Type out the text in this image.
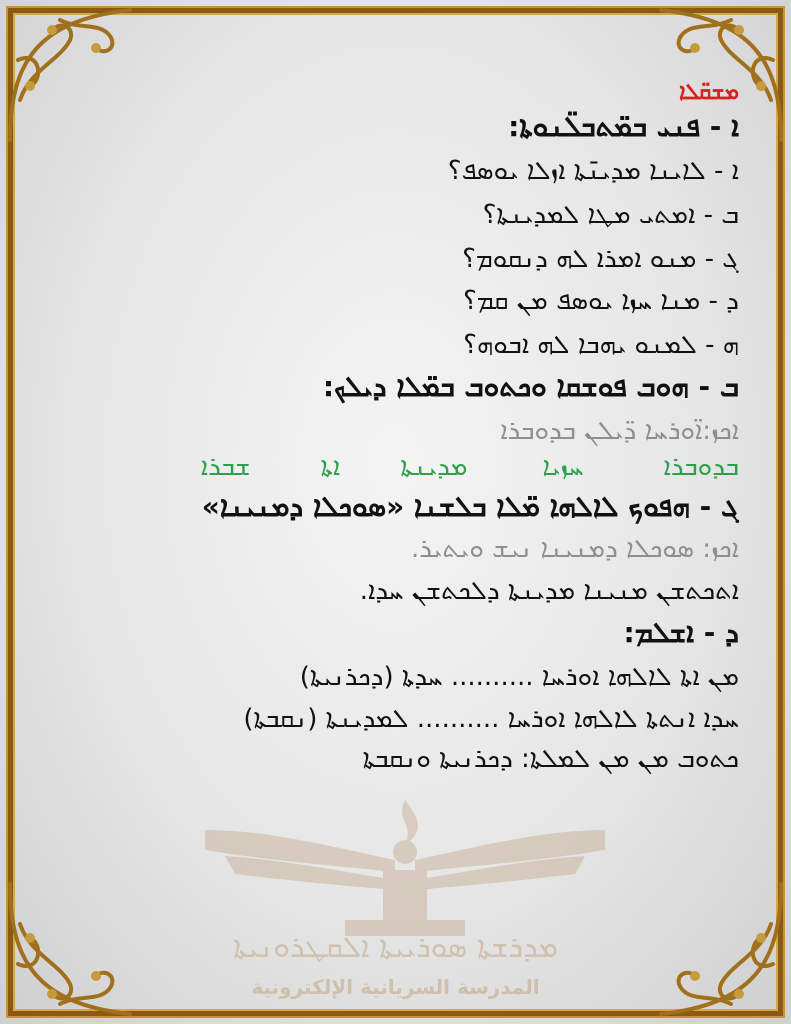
ܡܕܪܫܬܐ ܣܘܪܝܝܬܐ ܐܠܩܛܪܘܢܝܬܐ
المدرسة السريانية الإلكترونية
ܡܫܩ̈ܠܐ
ܐ - ܦܢܝ ܒܡ̈ܬܒܠ̈ܢܘܬܐ:
ܐ - ܠܐܝܢܐ ܡܕܝܢ̄ܬܐ ܐܙܠܐ ܝܘܣܦ؟
ܒ - ܐܡܬܝ ܡܛܐ ܠܡܕܝܢܬܐ؟
ܓ - ܡܢܘ ܐܡܪܐ ܠܗ ܕܢܩܘܡ؟
ܕ - ܡܢܐ ܚܙܐ ܝܘܣܦ ܡܢ ܩܡ؟
ܗ - ܠܡܢܘ ܝܗܒܐ ܠܗ ܐܒܘܗ؟
ܒ - ܗܘܒ ܦܘܫܩܐ ܘܟܬܘܒ ܒܡ̈ܠܐ ܕܝܠܟ:
ܐܟܙ:ܐ̈ܘܪܚܐ ܕ̈ܝܠܢ ܒܕܘܒܪܐ
ܒܕܘܒܪܐ
ܚܙܝܐ
ܡܕܝܢܬܐ
ܐܬܐ
ܫܒܪܐ
ܓ - ܗܦܘܟ ܠܐܠܗܐ ܡ̈ܠܐ ܒܠܫܢܐ «ܣܘܟܠܐ ܕܡܢܝܢܐ»
ܐܟܙ: ܣܘܟܠܐ ܕܡܢܝܢܐ ܢܝܫ ܘܝܬܝܪ.
ܐܬܟܬܫܢ ܡܢܝܢܐ ܡܕܝܢܬܐ ܕܠܟܬܫܢ ܚܕܐ.
ܕ - ܐܫܠܡ:
ܡܢ ܐܬܐ ܠܐܠܗܐ ܐܘܪܚܐ .......... ܚܕܬܐ (ܕܟܪܢܝܬܐ)
ܚܕܐ ܐܢܬܬܐ ܠܐܠܗܐ ܐܘܪܚܐ .......... ܠܡܕܝܢܬܐ (ܢܩܒܬܐ)
ܟܬܘܒ ܡܢ ܡܢ ܠܡܠܬܐ: ܕܟܪܢܝܬܐ ܘܢܩܒܬܐ
